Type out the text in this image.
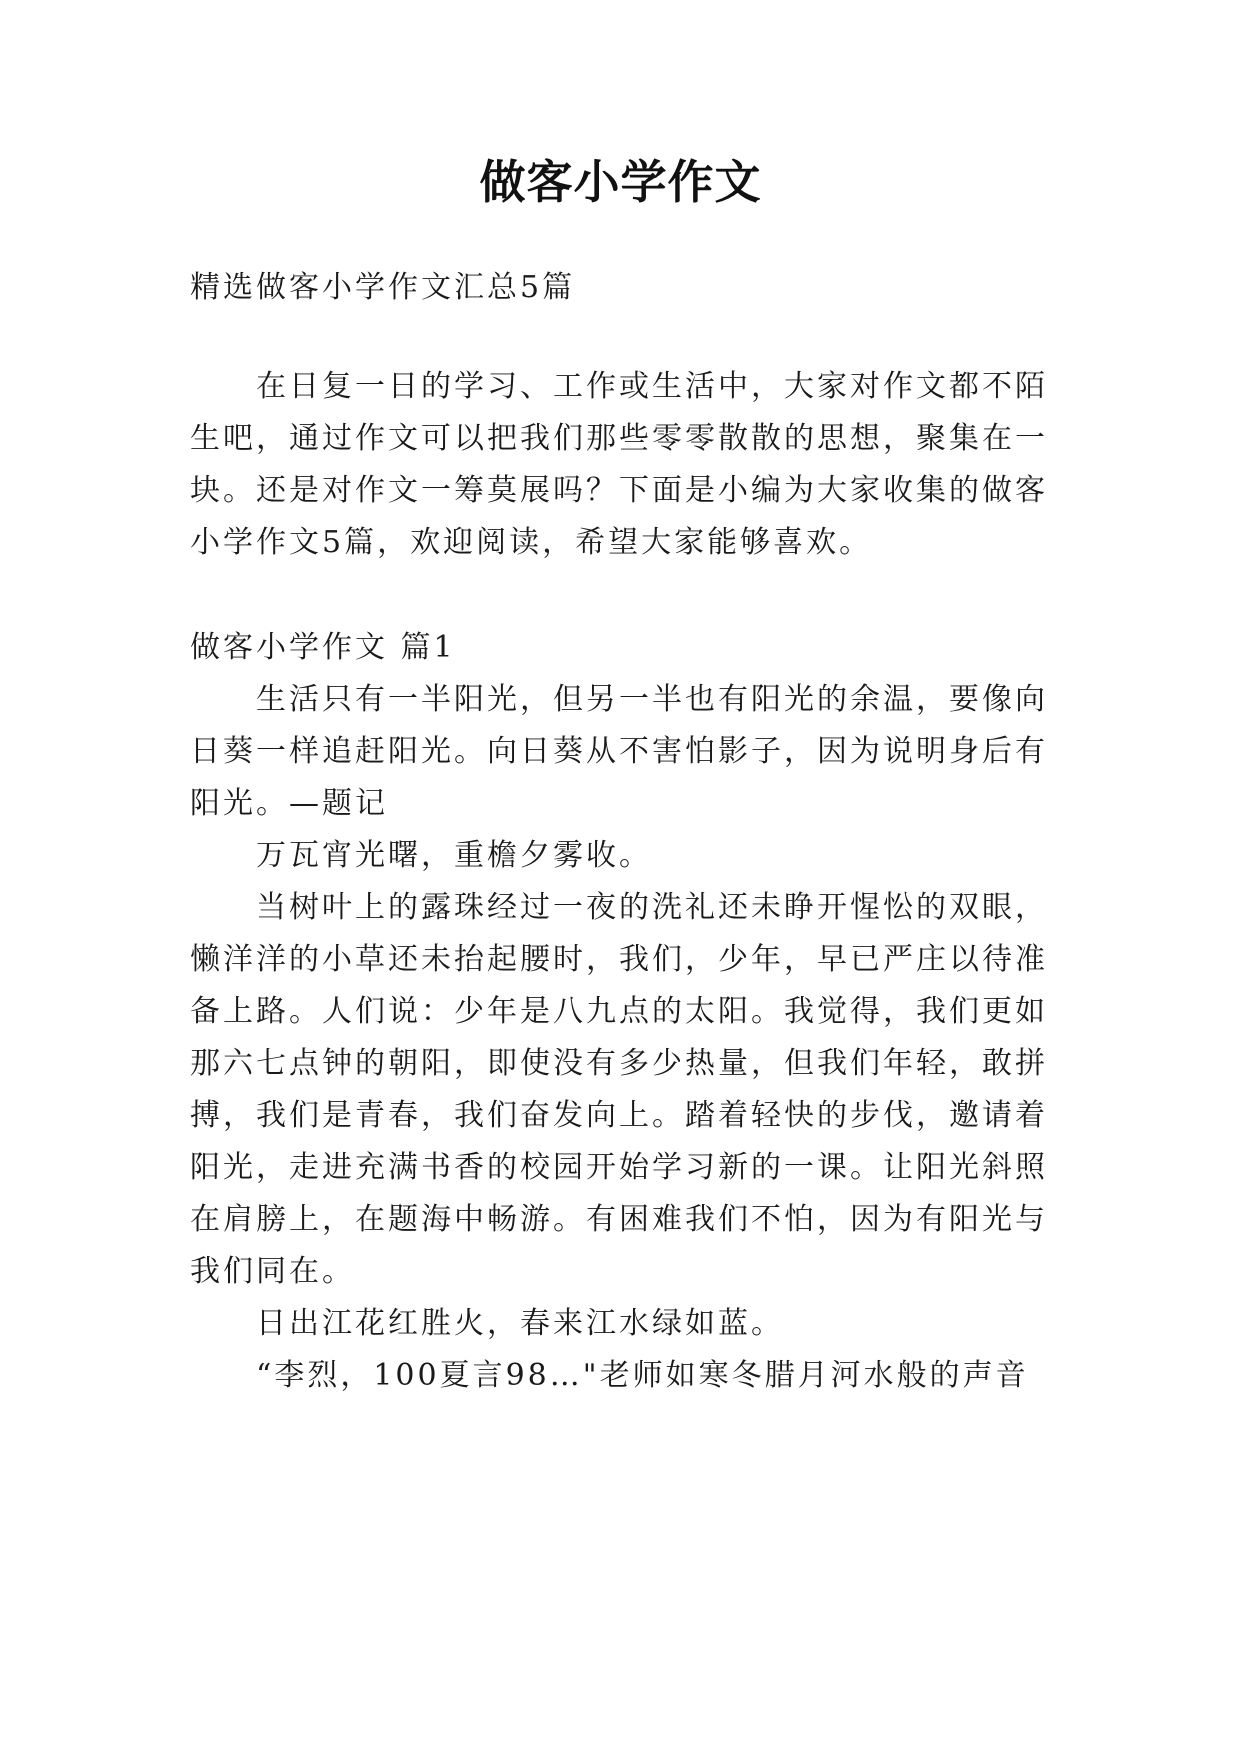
做客小学作文
精选做客小学作文汇总5篇
在日复一日的学习、工作或生活中，大家对作文都不陌
生吧，通过作文可以把我们那些零零散散的思想，聚集在一
块。还是对作文一筹莫展吗？下面是小编为大家收集的做客
小学作文5篇，欢迎阅读，希望大家能够喜欢。
做客小学作文 篇1
生活只有一半阳光，但另一半也有阳光的余温，要像向
日葵一样追赶阳光。向日葵从不害怕影子，因为说明身后有
阳光。—题记
万瓦宵光曙，重檐夕雾收。
当树叶上的露珠经过一夜的洗礼还未睁开惺忪的双眼，
懒洋洋的小草还未抬起腰时，我们，少年，早已严庄以待准
备上路。人们说：少年是八九点的太阳。我觉得，我们更如
那六七点钟的朝阳，即使没有多少热量，但我们年轻，敢拼
搏，我们是青春，我们奋发向上。踏着轻快的步伐，邀请着
阳光，走进充满书香的校园开始学习新的一课。让阳光斜照
在肩膀上，在题海中畅游。有困难我们不怕，因为有阳光与
我们同在。
日出江花红胜火，春来江水绿如蓝。
“李烈，100夏言98…"老师如寒冬腊月河水般的声音
